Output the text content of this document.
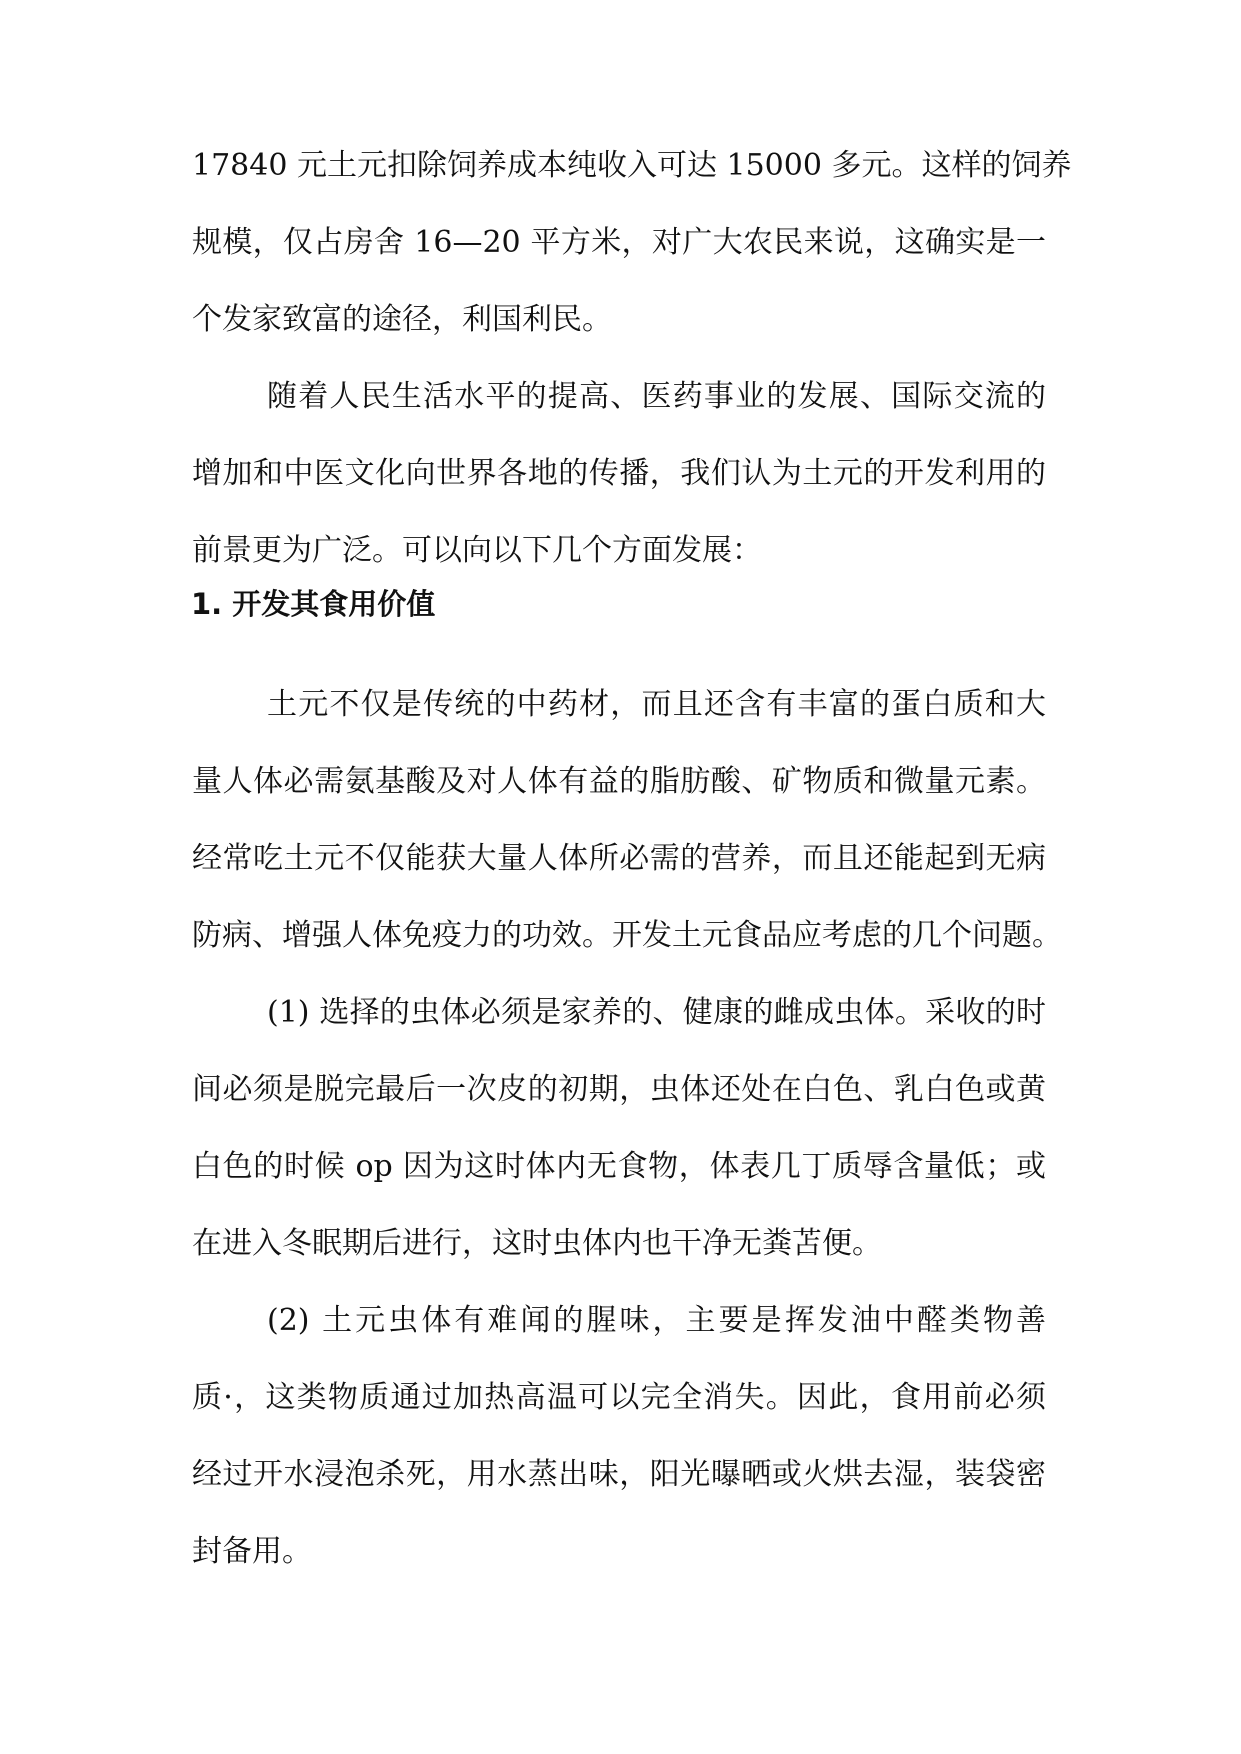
17840 元土元扣除饲养成本纯收入可达 15000 多元。这样的饲养
规模，仅占房舍 16—20 平方米，对广大农民来说，这确实是一
个发家致富的途径，利国利民。
随着人民生活水平的提高、医药事业的发展、国际交流的
增加和中医文化向世界各地的传播，我们认为土元的开发利用的
前景更为广泛。可以向以下几个方面发展：
1. 开发其食用价值
土元不仅是传统的中药材，而且还含有丰富的蛋白质和大
量人体必需氨基酸及对人体有益的脂肪酸、矿物质和微量元素。
经常吃土元不仅能获大量人体所必需的营养，而且还能起到无病
防病、增强人体免疫力的功效。开发土元食品应考虑的几个问题。
(1) 选择的虫体必须是家养的、健康的雌成虫体。采收的时
间必须是脱完最后一次皮的初期，虫体还处在白色、乳白色或黄
白色的时候 op 因为这时体内无食物，体表几丁质辱含量低；或
在进入冬眠期后进行，这时虫体内也干净无粪苫便。
(2) 土元虫体有难闻的腥味，主要是挥发油中醛类物善
质·，这类物质通过加热高温可以完全消失。因此，食用前必须
经过开水浸泡杀死，用水蒸出味，阳光曝晒或火烘去湿，装袋密
封备用。
